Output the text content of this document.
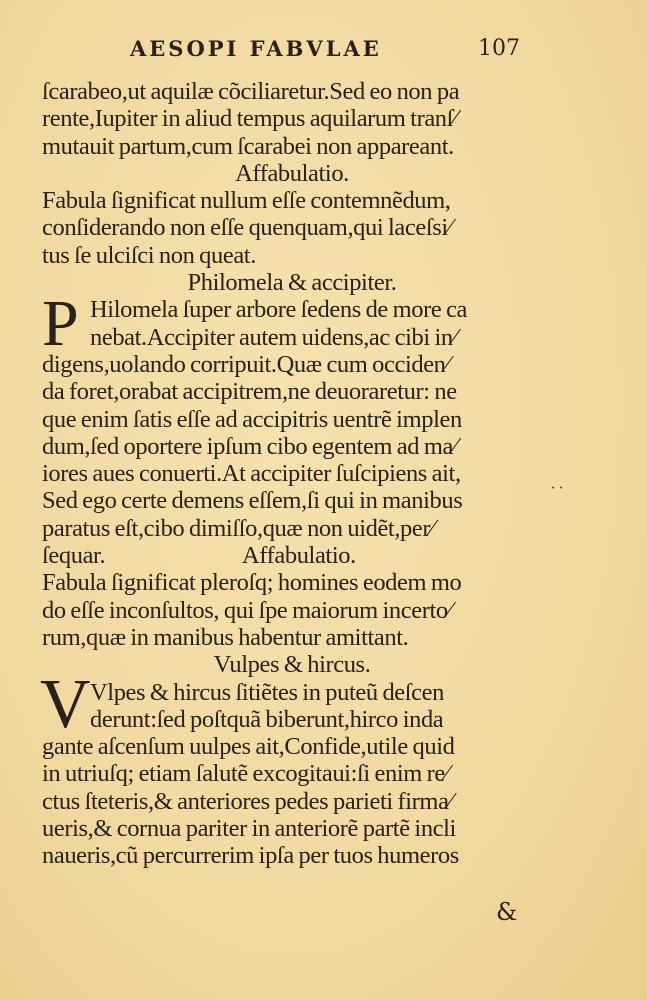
AESOPI FABVLAE	107
ſcarabeo,ut aquilæ cõciliaretur.Sed eo non pa
rente,Iupiter in aliud tempus aquilarum tranſ⁄
mutauit partum,cum ſcarabei non appareant.
Affabulatio.
Fabula ſignificat nullum eſſe contemnẽdum,
conſiderando non eſſe quenquam,qui laceſsi⁄
tus ſe ulciſci non queat.
Philomela & accipiter.
P Hilomela ſuper arbore ſedens de more ca
nebat.Accipiter autem uidens,ac cibi in⁄
digens,uolando corripuit.Quæ cum occiden⁄
da foret,orabat accipitrem,ne deuoraretur: ne
que enim ſatis eſſe ad accipitris uentrẽ implen
dum,ſed oportere ipſum cibo egentem ad ma⁄
iores aues conuerti.At accipiter ſuſcipiens ait,
Sed ego certe demens eſſem,ſi qui in manibus
paratus eſt,cibo dimiſſo,quæ non uidẽt,per⁄
ſequar.	Affabulatio.
Fabula ſignificat pleroſq; homines eodem mo
do eſſe inconſultos, qui ſpe maiorum incerto⁄
rum,quæ in manibus habentur amittant.
Vulpes & hircus.
V Vlpes & hircus ſitiẽtes in puteũ deſcen
derunt:ſed poſtquã biberunt,hirco inda
gante aſcenſum uulpes ait,Confide,utile quid
in utriuſq; etiam ſalutẽ excogitaui:ſi enim re⁄
ctus ſteteris,& anteriores pedes parieti firma⁄
ueris,& cornua pariter in anteriorẽ partẽ incli
naueris,cũ percurrerim ipſa per tuos humeros
˙˙
&
